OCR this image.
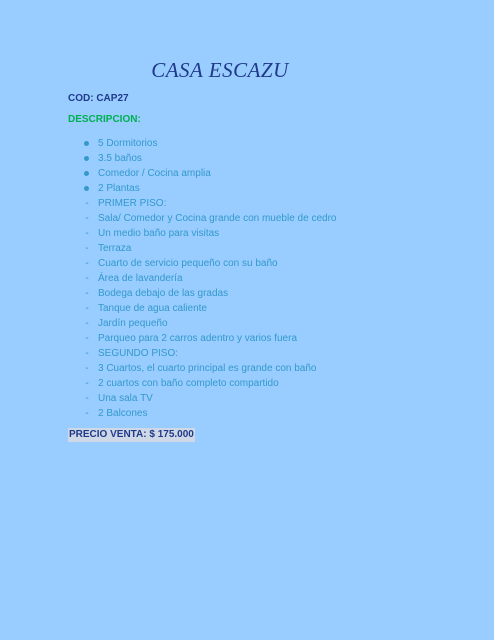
CASA ESCAZU
COD: CAP27
DESCRIPCION:
5 Dormitorios
3.5 baños
Comedor / Cocina amplia
2 Plantas
- PRIMER PISO:
- Sala/ Comedor y Cocina grande con mueble de cedro
- Un medio baño para visitas
- Terraza
- Cuarto de servicio pequeño con su baño
- Área de lavandería
- Bodega debajo de las gradas
- Tanque de agua caliente
- Jardín pequeño
- Parqueo para 2 carros adentro y varios fuera
- SEGUNDO PISO:
- 3 Cuartos, el cuarto principal es grande con baño
- 2 cuartos con baño completo compartido
- Una sala TV
- 2 Balcones
PRECIO VENTA: $ 175.000
